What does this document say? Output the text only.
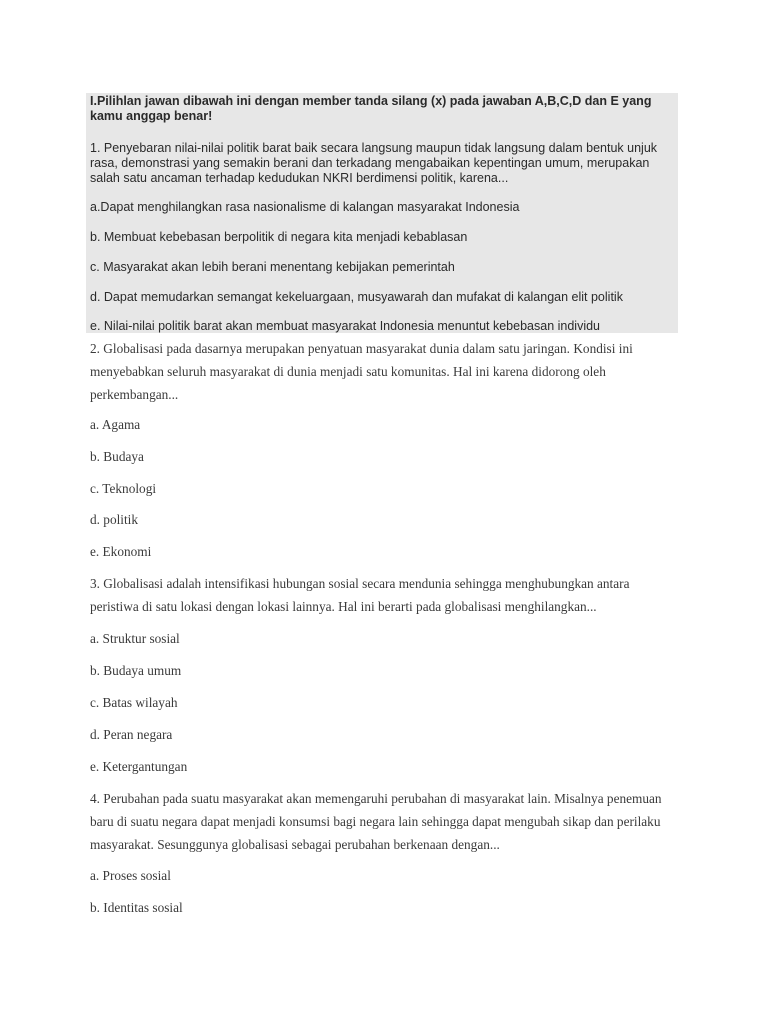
I.Pilihlan jawan dibawah ini dengan member tanda silang (x) pada jawaban A,B,C,D dan E yang kamu anggap benar!
1. Penyebaran nilai-nilai politik barat baik secara langsung maupun tidak langsung dalam bentuk unjuk rasa, demonstrasi yang semakin berani dan terkadang mengabaikan kepentingan umum, merupakan salah satu ancaman terhadap kedudukan NKRI berdimensi politik, karena...
a.Dapat menghilangkan rasa nasionalisme di kalangan masyarakat Indonesia
b. Membuat kebebasan berpolitik di negara kita menjadi kebablasan
c. Masyarakat akan lebih berani menentang kebijakan pemerintah
d. Dapat memudarkan semangat kekeluargaan, musyawarah dan mufakat di kalangan elit politik
e. Nilai-nilai politik barat akan membuat masyarakat Indonesia menuntut kebebasan individu
2. Globalisasi pada dasarnya merupakan penyatuan masyarakat dunia dalam satu jaringan. Kondisi ini menyebabkan seluruh masyarakat di dunia menjadi satu komunitas. Hal ini karena didorong oleh perkembangan...
a. Agama
b. Budaya
c. Teknologi
d. politik
e. Ekonomi
3. Globalisasi adalah intensifikasi hubungan sosial secara mendunia sehingga menghubungkan antara peristiwa di satu lokasi dengan lokasi lainnya. Hal ini berarti pada globalisasi menghilangkan...
a. Struktur sosial
b. Budaya umum
c. Batas wilayah
d. Peran negara
e. Ketergantungan
4. Perubahan pada suatu masyarakat akan memengaruhi perubahan di masyarakat lain. Misalnya penemuan baru di suatu negara dapat menjadi konsumsi bagi negara lain sehingga dapat mengubah sikap dan perilaku masyarakat. Sesunggunya globalisasi sebagai perubahan berkenaan dengan...
a. Proses sosial
b. Identitas sosial
